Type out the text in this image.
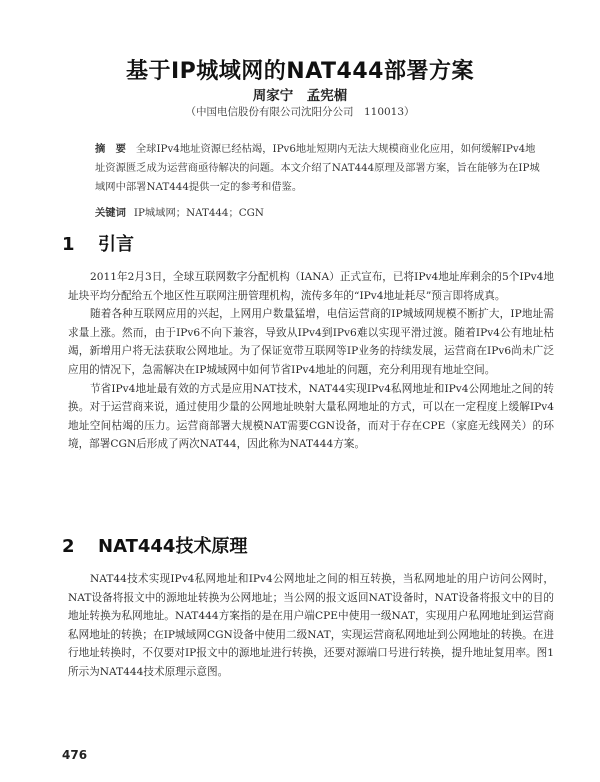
基于IP城域网的NAT444部署方案
周家宁　孟宪楣
（中国电信股份有限公司沈阳分公司　110013）
摘　要 全球IPv4地址资源已经枯竭，IPv6地址短期内无法大规模商业化应用，如何缓解IPv4地址资源匮乏成为运营商亟待解决的问题。本文介绍了NAT444原理及部署方案，旨在能够为在IP城域网中部署NAT444提供一定的参考和借鉴。
关键词 IP城域网；NAT444；CGN
1 引言

2011年2月3日，全球互联网数字分配机构（IANA）正式宣布，已将IPv4地址库剩余的5个IPv4地址块平均分配给五个地区性互联网注册管理机构，流传多年的“IPv4地址耗尽”预言即将成真。

随着各种互联网应用的兴起，上网用户数量猛增，电信运营商的IP城域网规模不断扩大，IP地址需求量上涨。然而，由于IPv6不向下兼容，导致从IPv4到IPv6难以实现平滑过渡。随着IPv4公有地址枯竭，新增用户将无法获取公网地址。为了保证宽带互联网等IP业务的持续发展，运营商在IPv6尚未广泛应用的情况下，急需解决在IP城域网中如何节省IPv4地址的问题，充分利用现有地址空间。

节省IPv4地址最有效的方式是应用NAT技术，NAT44实现IPv4私网地址和IPv4公网地址之间的转换。对于运营商来说，通过使用少量的公网地址映射大量私网地址的方式，可以在一定程度上缓解IPv4地址空间枯竭的压力。运营商部署大规模NAT需要CGN设备，而对于存在CPE（家庭无线网关）的环境，部署CGN后形成了两次NAT44，因此称为NAT444方案。

2 NAT444技术原理

NAT44技术实现IPv4私网地址和IPv4公网地址之间的相互转换，当私网地址的用户访问公网时，NAT设备将报文中的源地址转换为公网地址；当公网的报文返回NAT设备时，NAT设备将报文中的目的地址转换为私网地址。NAT444方案指的是在用户端CPE中使用一级NAT，实现用户私网地址到运营商私网地址的转换；在IP城域网CGN设备中使用二级NAT，实现运营商私网地址到公网地址的转换。在进行地址转换时，不仅要对IP报文中的源地址进行转换，还要对源端口号进行转换，提升地址复用率。图1所示为NAT444技术原理示意图。

476
